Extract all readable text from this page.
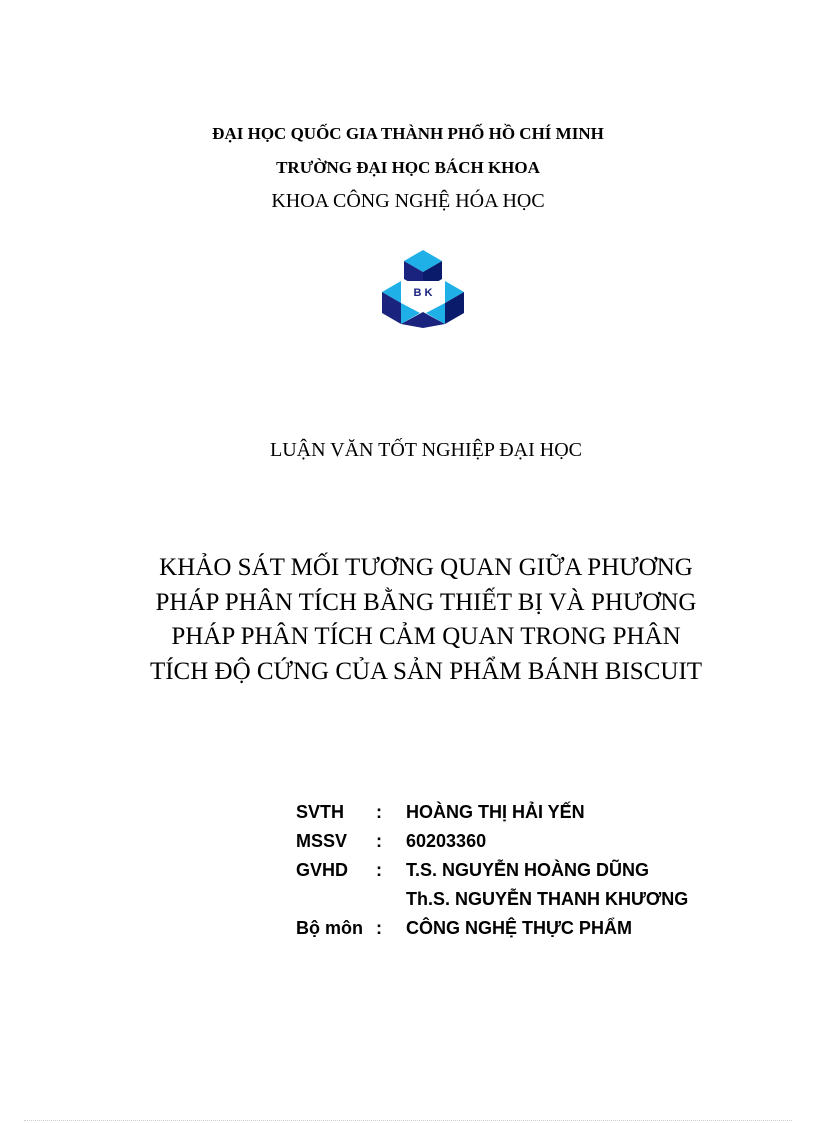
ĐẠI HỌC QUỐC GIA THÀNH PHỐ HỒ CHÍ MINH
TRƯỜNG ĐẠI HỌC BÁCH KHOA
KHOA CÔNG NGHỆ HÓA HỌC
B K
LUẬN VĂN TỐT NGHIỆP ĐẠI HỌC
KHẢO SÁT MỐI TƯƠNG QUAN GIỮA PHƯƠNG
PHÁP PHÂN TÍCH BẰNG THIẾT BỊ VÀ PHƯƠNG
PHÁP PHÂN TÍCH CẢM QUAN TRONG PHÂN
TÍCH ĐỘ CỨNG CỦA SẢN PHẨM BÁNH BISCUIT
SVTH	:	HOÀNG THỊ HẢI YẾN
MSSV	:	60203360
GVHD	:	T.S. NGUYỄN HOÀNG DŨNG
Th.S. NGUYỄN THANH KHƯƠNG
Bộ môn :	CÔNG NGHỆ THỰC PHẨM
